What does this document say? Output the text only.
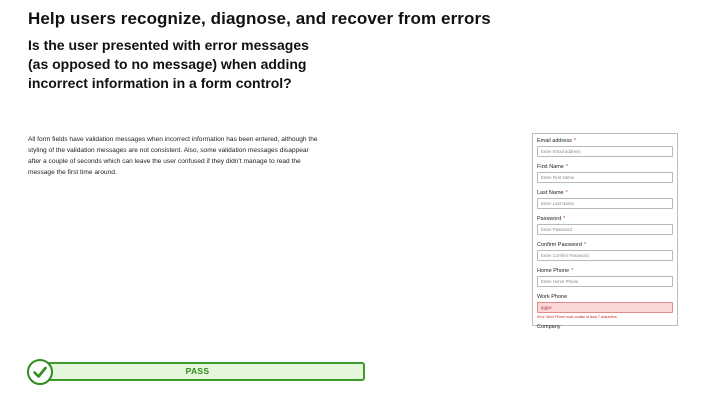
Help users recognize, diagnose, and recover from errors
Is the user presented with error messages (as opposed to no message) when adding incorrect information in a form control?
All form fields have validation messages when incorrect information has been entered, although the styling of the validation messages are not consistent. Also, some validation messages disappear after a couple of seconds which can leave the user confused if they didn’t manage to read the message the first time around.
Email address *
Enter Email address
First Name *
Enter First Name
Last Name *
Enter Last Name
Password *
Enter Password
Confirm Password *
Enter Confirm Password
Home Phone *
Enter Home Phone
Work Phone
gggw
Error: Work Phone must contain at least 7 characters.
Company
PASS
